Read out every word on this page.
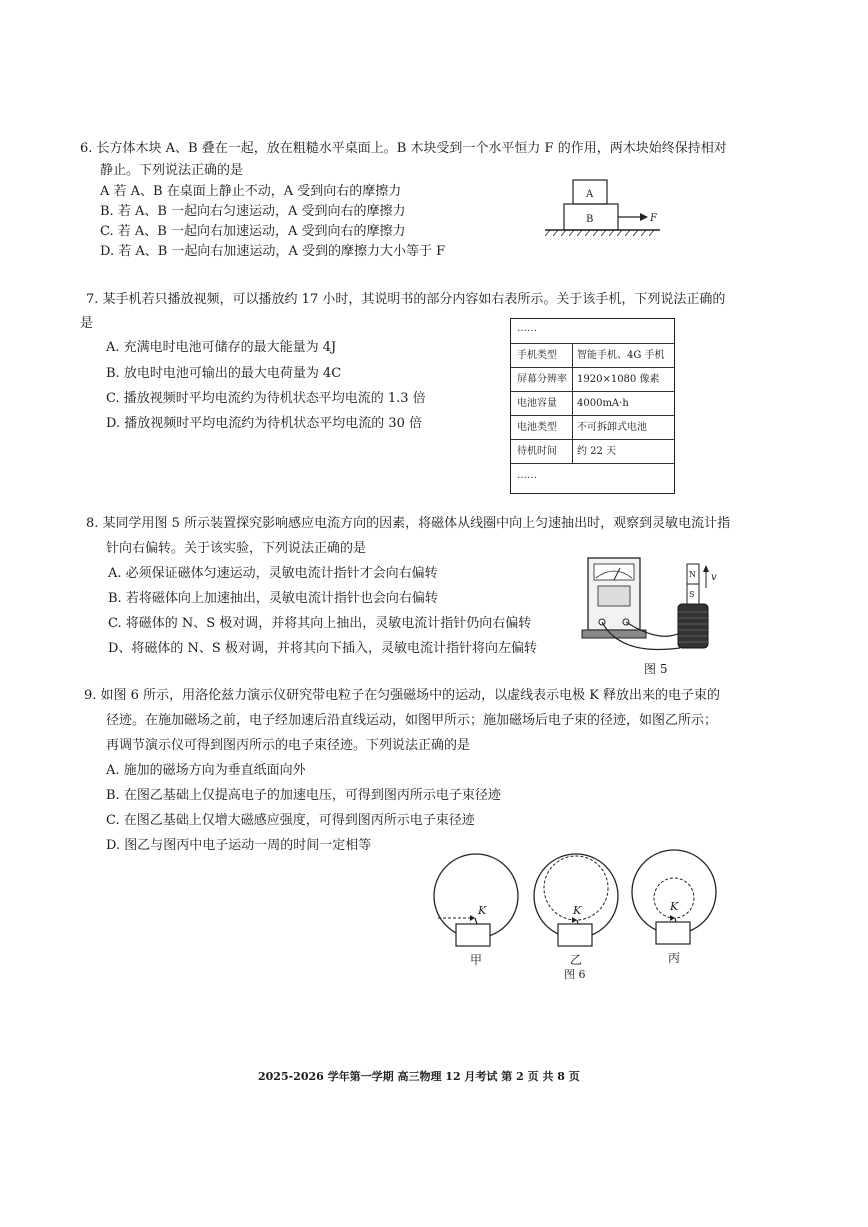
6. 长方体木块 A、B 叠在一起，放在粗糙水平桌面上。B 木块受到一个水平恒力 F 的作用，两木块始终保持相对
静止。下列说法正确的是
A 若 A、B 在桌面上静止不动，A 受到向右的摩擦力
B. 若 A、B 一起向右匀速运动，A 受到向右的摩擦力
C. 若 A、B 一起向右加速运动，A 受到向右的摩擦力
D. 若 A、B 一起向右加速运动，A 受到的摩擦力大小等于 F
A
B	F
7. 某手机若只播放视频，可以播放约 17 小时，其说明书的部分内容如右表所示。关于该手机，下列说法正确的
是
A. 充满电时电池可储存的最大能量为 4J
B. 放电时电池可输出的最大电荷量为 4C
C. 播放视频时平均电流约为待机状态平均电流的 1.3 倍
D. 播放视频时平均电流约为待机状态平均电流的 30 倍
……
手机类型 智能手机、4G 手机
屏幕分辨率 1920×1080 像素
电池容量 4000mA·h
电池类型 不可拆卸式电池
待机时间 约 22 天
……
8. 某同学用图 5 所示装置探究影响感应电流方向的因素，将磁体从线圈中向上匀速抽出时，观察到灵敏电流计指
针向右偏转。关于该实验，下列说法正确的是
A. 必须保证磁体匀速运动，灵敏电流计指针才会向右偏转
B. 若将磁体向上加速抽出，灵敏电流计指针也会向右偏转
C. 将磁体的 N、S 极对调，并将其向上抽出，灵敏电流计指针仍向右偏转
D、将磁体的 N、S 极对调，并将其向下插入，灵敏电流计指针将向左偏转
N
S
v
图 5
9. 如图 6 所示，用洛伦兹力演示仪研究带电粒子在匀强磁场中的运动，以虚线表示电极 K 释放出来的电子束的
径迹。在施加磁场之前，电子经加速后沿直线运动，如图甲所示；施加磁场后电子束的径迹，如图乙所示；
再调节演示仪可得到图丙所示的电子束径迹。下列说法正确的是
A. 施加的磁场方向为垂直纸面向外
B. 在图乙基础上仅提高电子的加速电压，可得到图丙所示电子束径迹
C. 在图乙基础上仅增大磁感应强度，可得到图丙所示电子束径迹
D. 图乙与图丙中电子运动一周的时间一定相等
K
甲
K
乙
图 6
K
丙
2025-2026 学年第一学期 高三物理 12 月考试 第 2 页 共 8 页
